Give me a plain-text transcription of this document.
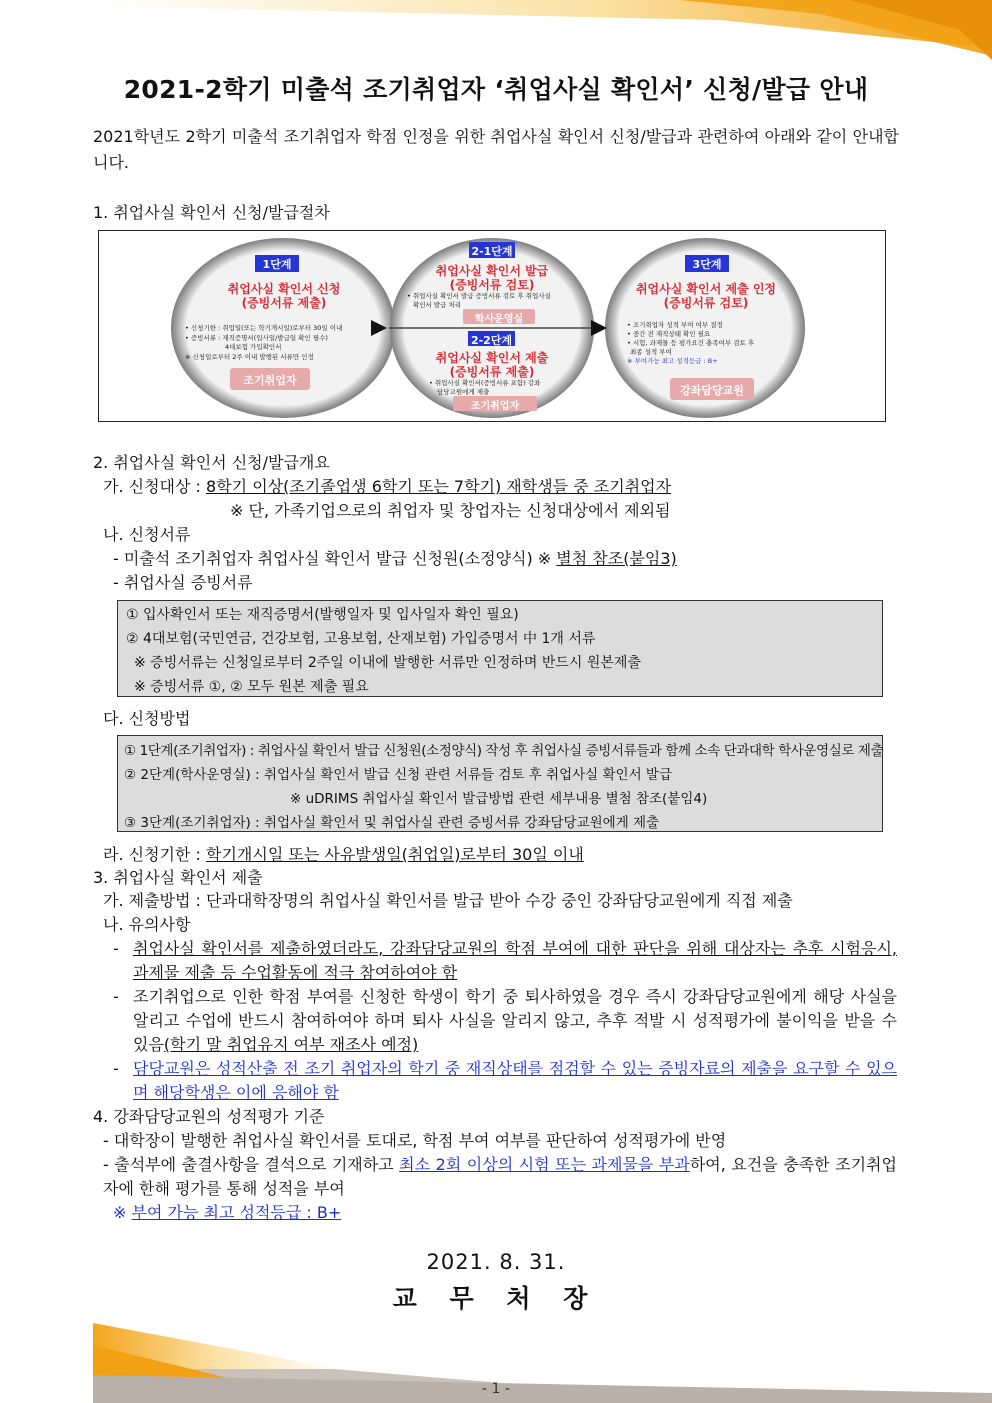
2021-2학기 미출석 조기취업자 ‘취업사실 확인서’ 신청/발급 안내
2021학년도 2학기 미출석 조기취업자 학점 인정을 위한 취업사실 확인서 신청/발급과 관련하여 아래와 같이 안내합니다.
1. 취업사실 확인서 신청/발급절차
1단계
취업사실 확인서 신청
(증빙서류 제출)
• 신청기한 : 취업일(또는 학기개시일)로부터 30일 이내
• 증빙서류 : 재직증명서(입사일/발급일 확인 필수)
4대보험 가입확인서
※ 신청일로부터 2주 이내 발행된 서류만 인정
조기취업자
2-1단계
취업사실 확인서 발급
(증빙서류 검토)
• 취업사실 확인서 발급 증빙서류 검토 후 취업사실
확인서 발급 처리
학사운영실
2-2단계
취업사실 확인서 제출
(증빙서류 제출)
• 취업사실 확인서(증빙서류 포함) 강좌
담당교원에게 제출
조기취업자
3단계
취업사실 확인서 제출 인정
(증빙서류 검토)
• 조기취업자 성적 부여 여부 결정
• 중간 전 재직상태 확인 필요
• 시험, 과제물 등 평가요건 충족여부 검토 후
최종 성적 부여
※ 부여가능 최고 성적등급 : B+
강좌담당교원
2. 취업사실 확인서 신청/발급개요
가. 신청대상 : 8학기 이상(조기졸업생 6학기 또는 7학기) 재학생들 중 조기취업자
※ 단, 가족기업으로의 취업자 및 창업자는 신청대상에서 제외됨
나. 신청서류
- 미출석 조기취업자 취업사실 확인서 발급 신청원(소정양식) ※ 별첨 참조(붙임3)
- 취업사실 증빙서류
① 입사확인서 또는 재직증명서(발행일자 및 입사일자 확인 필요)
② 4대보험(국민연금, 건강보험, 고용보험, 산재보험) 가입증명서 中 1개 서류
※ 증빙서류는 신청일로부터 2주일 이내에 발행한 서류만 인정하며 반드시 원본제출
※ 증빙서류 ①, ② 모두 원본 제출 필요
다. 신청방법
① 1단계(조기취업자) : 취업사실 확인서 발급 신청원(소정양식) 작성 후 취업사실 증빙서류들과 함께 소속 단과대학 학사운영실로 제출
② 2단계(학사운영실) : 취업사실 확인서 발급 신청 관련 서류들 검토 후 취업사실 확인서 발급
※ uDRIMS 취업사실 확인서 발급방법 관련 세부내용 별첨 참조(붙임4)
③ 3단계(조기취업자) : 취업사실 확인서 및 취업사실 관련 증빙서류 강좌담당교원에게 제출
라. 신청기한 : 학기개시일 또는 사유발생일(취업일)로부터 30일 이내
3. 취업사실 확인서 제출
가. 제출방법 : 단과대학장명의 취업사실 확인서를 발급 받아 수강 중인 강좌담당교원에게 직접 제출
나. 유의사항
- 취업사실 확인서를 제출하였더라도, 강좌담당교원의 학점 부여에 대한 판단을 위해 대상자는 추후 시험응시, 과제물 제출 등 수업활동에 적극 참여하여야 함
- 조기취업으로 인한 학점 부여를 신청한 학생이 학기 중 퇴사하였을 경우 즉시 강좌담당교원에게 해당 사실을 알리고 수업에 반드시 참여하여야 하며 퇴사 사실을 알리지 않고, 추후 적발 시 성적평가에 불이익을 받을 수 있음(학기 말 취업유지 여부 재조사 예정)
- 담당교원은 성적산출 전 조기 취업자의 학기 중 재직상태를 점검할 수 있는 증빙자료의 제출을 요구할 수 있으며 해당학생은 이에 응해야 함
4. 강좌담당교원의 성적평가 기준
- 대학장이 발행한 취업사실 확인서를 토대로, 학점 부여 여부를 판단하여 성적평가에 반영
- 출석부에 출결사항을 결석으로 기재하고 최소 2회 이상의 시험 또는 과제물을 부과하여, 요건을 충족한 조기취업자에 한해 평가를 통해 성적을 부여
※ 부여 가능 최고 성적등급 : B+
2021. 8. 31.
교 무 처 장
- 1 -
